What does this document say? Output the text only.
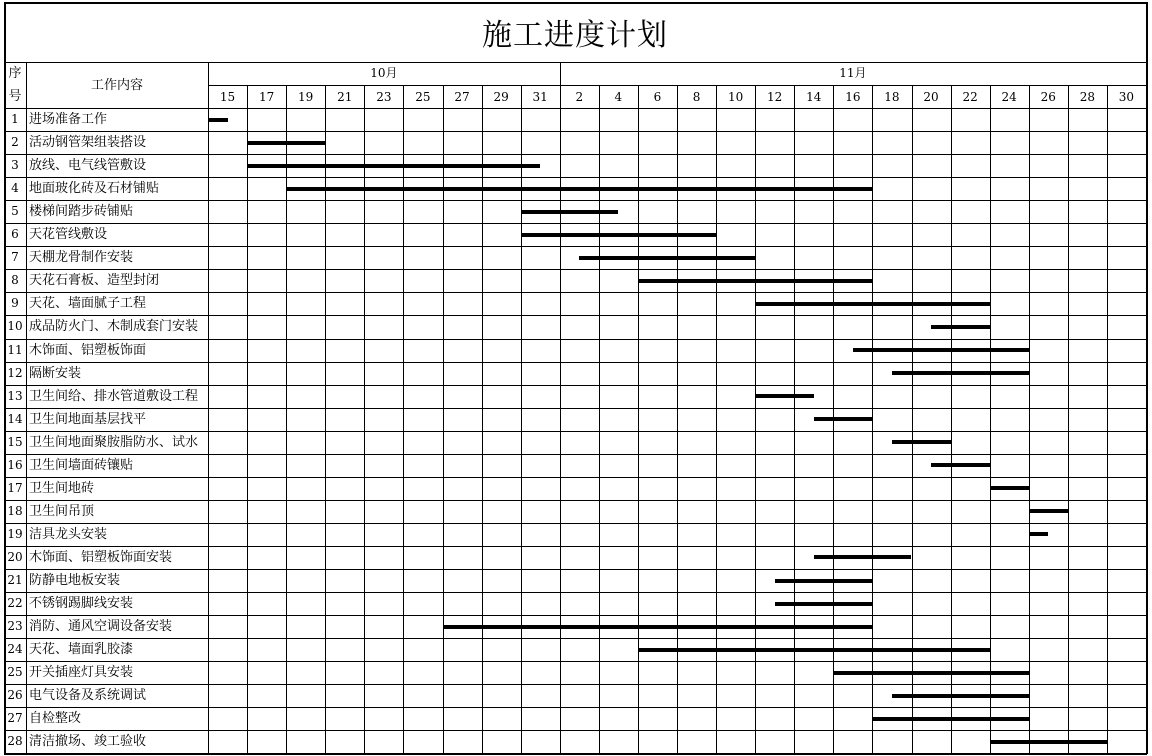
施工进度计划
序
号
工作内容
10月	11月
15	17	19	21	23	25	27	29	31	2	4	6	8	10	12	14	16	18	20	22	24	26	28	30
1 进场准备工作
2 活动钢管架组装搭设
3 放线、电气线管敷设
4 地面玻化砖及石材铺贴
5 楼梯间踏步砖铺贴
6 天花管线敷设
7 天棚龙骨制作安装
8 天花石膏板、造型封闭
9 天花、墙面腻子工程
10 成品防火门、木制成套门安装
11 木饰面、铝塑板饰面
12 隔断安装
13 卫生间给、排水管道敷设工程
14 卫生间地面基层找平
15 卫生间地面聚胺脂防水、试水
16 卫生间墙面砖镶贴
17 卫生间地砖
18 卫生间吊顶
19 洁具龙头安装
20 木饰面、铝塑板饰面安装
21 防静电地板安装
22 不锈钢踢脚线安装
23 消防、通风空调设备安装
24 天花、墙面乳胶漆
25 开关插座灯具安装
26 电气设备及系统调试
27 自检整改
28 清洁撤场、竣工验收
